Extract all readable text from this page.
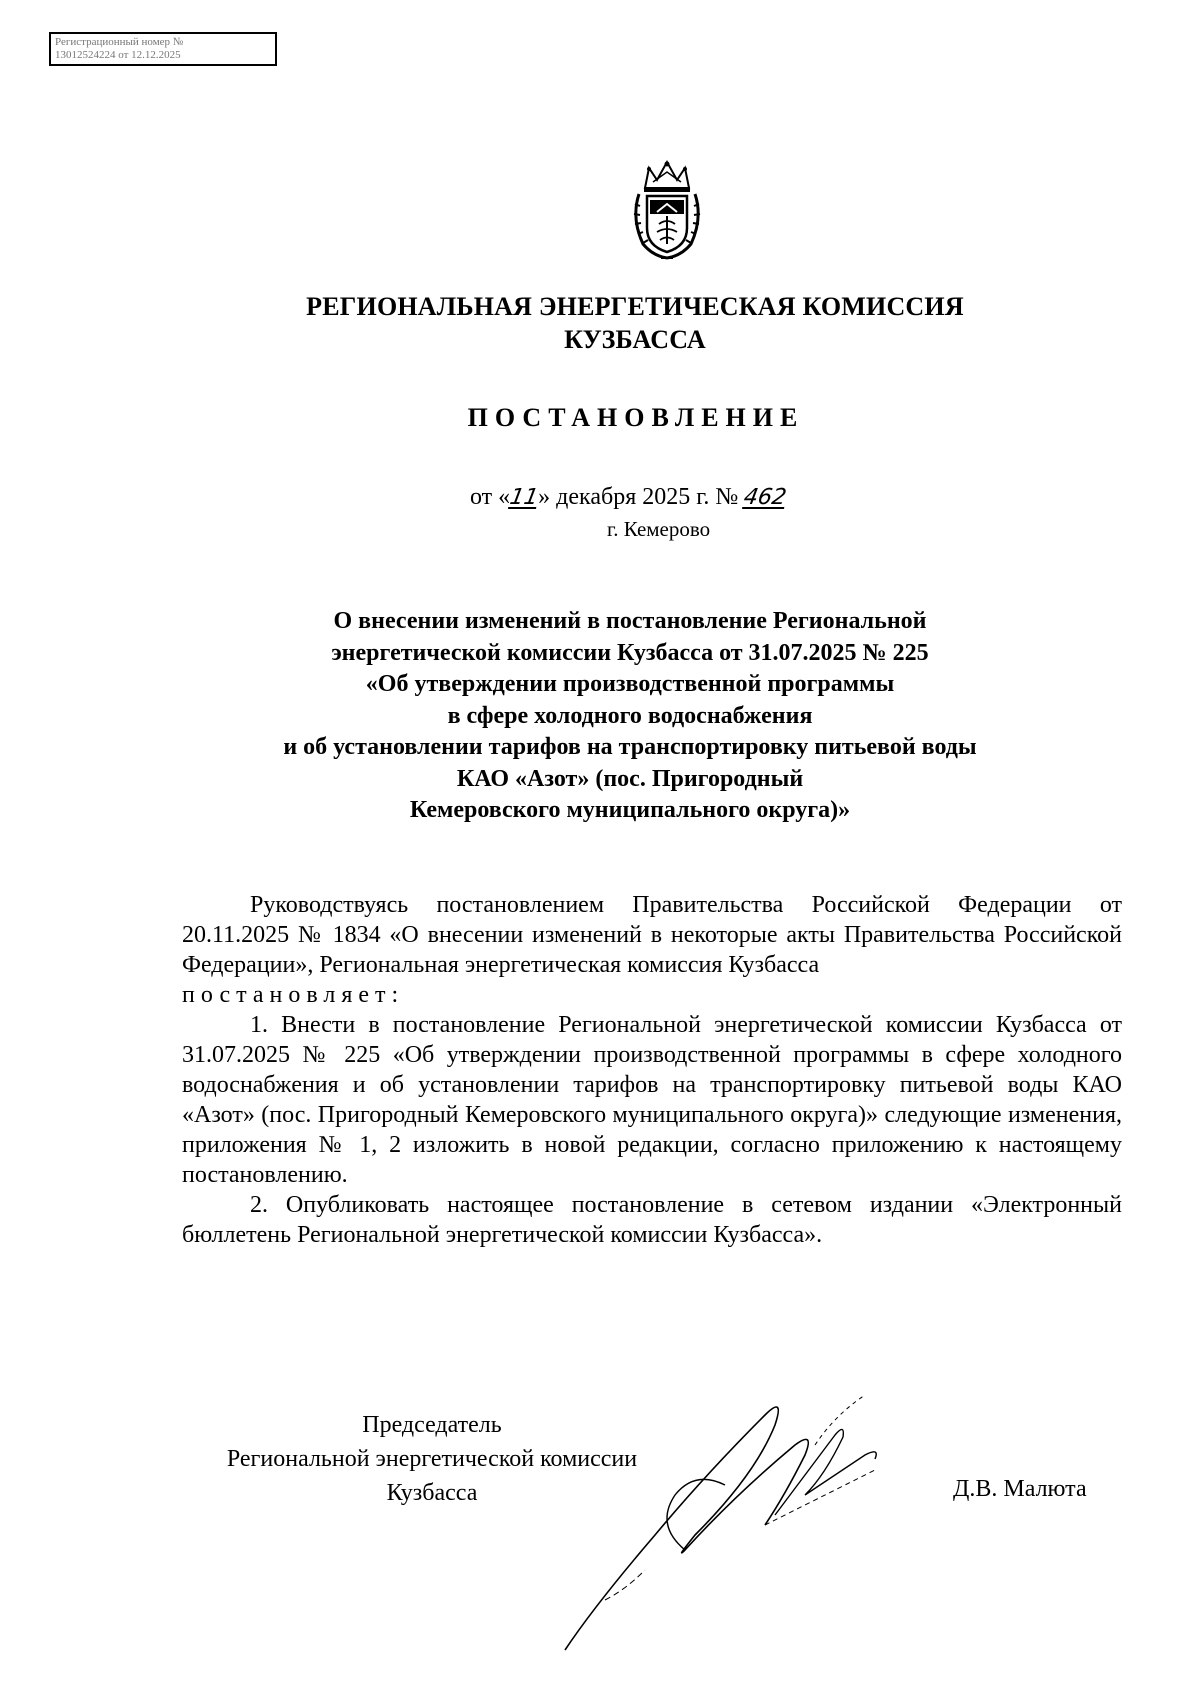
Регистрационный номер №
13012524224 от 12.12.2025
РЕГИОНАЛЬНАЯ ЭНЕРГЕТИЧЕСКАЯ КОМИССИЯ
КУЗБАССА
ПОСТАНОВЛЕНИЕ
от «11» декабря 2025 г. № 462
г. Кемерово
О внесении изменений в постановление Региональной
энергетической комиссии Кузбасса от 31.07.2025 № 225
«Об утверждении производственной программы
в сфере холодного водоснабжения
и об установлении тарифов на транспортировку питьевой воды
КАО «Азот» (пос. Пригородный
Кемеровского муниципального округа)»

Руководствуясь постановлением Правительства Российской Федерации от 20.11.2025 № 1834 «О внесении изменений в некоторые акты Правительства Российской Федерации», Региональная энергетическая комиссия Кузбасса

постановляет:

1. Внести в постановление Региональной энергетической комиссии Кузбасса от 31.07.2025 № 225 «Об утверждении производственной программы в сфере холодного водоснабжения и об установлении тарифов на транспортировку питьевой воды КАО «Азот» (пос. Пригородный Кемеровского муниципального округа)» следующие изменения, приложения № 1, 2 изложить в новой редакции, согласно приложению к настоящему постановлению.

2. Опубликовать настоящее постановление в сетевом издании «Электронный бюллетень Региональной энергетической комиссии Кузбасса».

Председатель
Региональной энергетической комиссии
Кузбасса	Д.В. Малюта
